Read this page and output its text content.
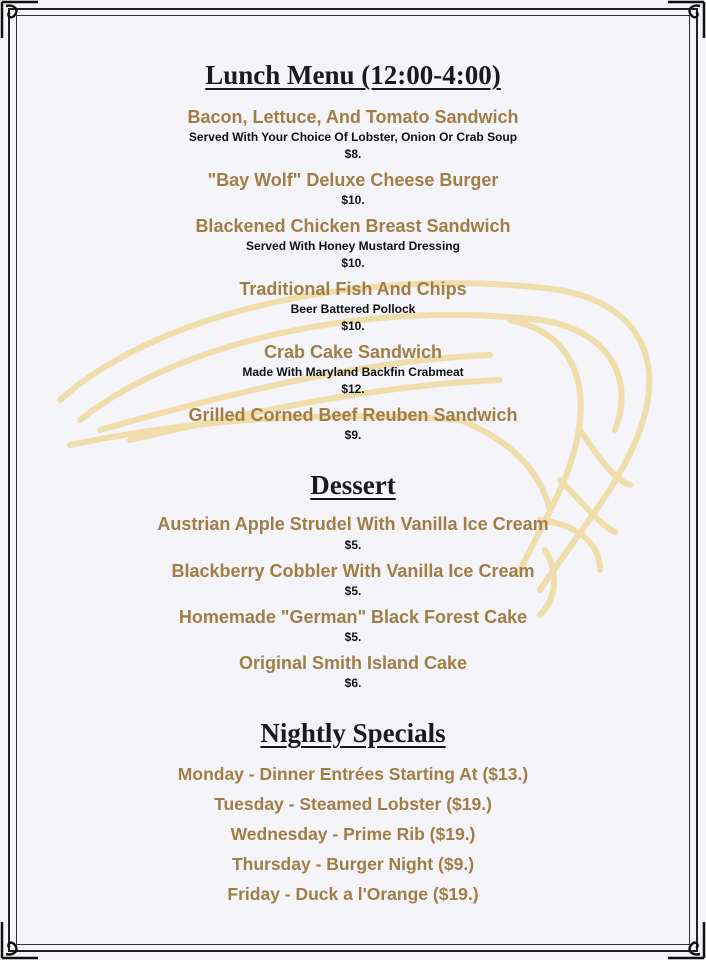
Lunch Menu (12:00-4:00)

Bacon, Lettuce, And Tomato Sandwich

Served With Your Choice Of Lobster, Onion Or Crab Soup

$8.

"Bay Wolf" Deluxe Cheese Burger

$10.

Blackened Chicken Breast Sandwich

Served With Honey Mustard Dressing

$10.

Traditional Fish And Chips

Beer Battered Pollock

$10.

Crab Cake Sandwich

Made With Maryland Backfin Crabmeat

$12.

Grilled Corned Beef Reuben Sandwich

$9.

Dessert

Austrian Apple Strudel With Vanilla Ice Cream

$5.

Blackberry Cobbler With Vanilla Ice Cream

$5.

Homemade "German" Black Forest Cake

$5.

Original Smith Island Cake

$6.

Nightly Specials

Monday - Dinner Entrées Starting At ($13.)

Tuesday - Steamed Lobster ($19.)

Wednesday - Prime Rib ($19.)

Thursday - Burger Night ($9.)

Friday - Duck a l'Orange ($19.)
